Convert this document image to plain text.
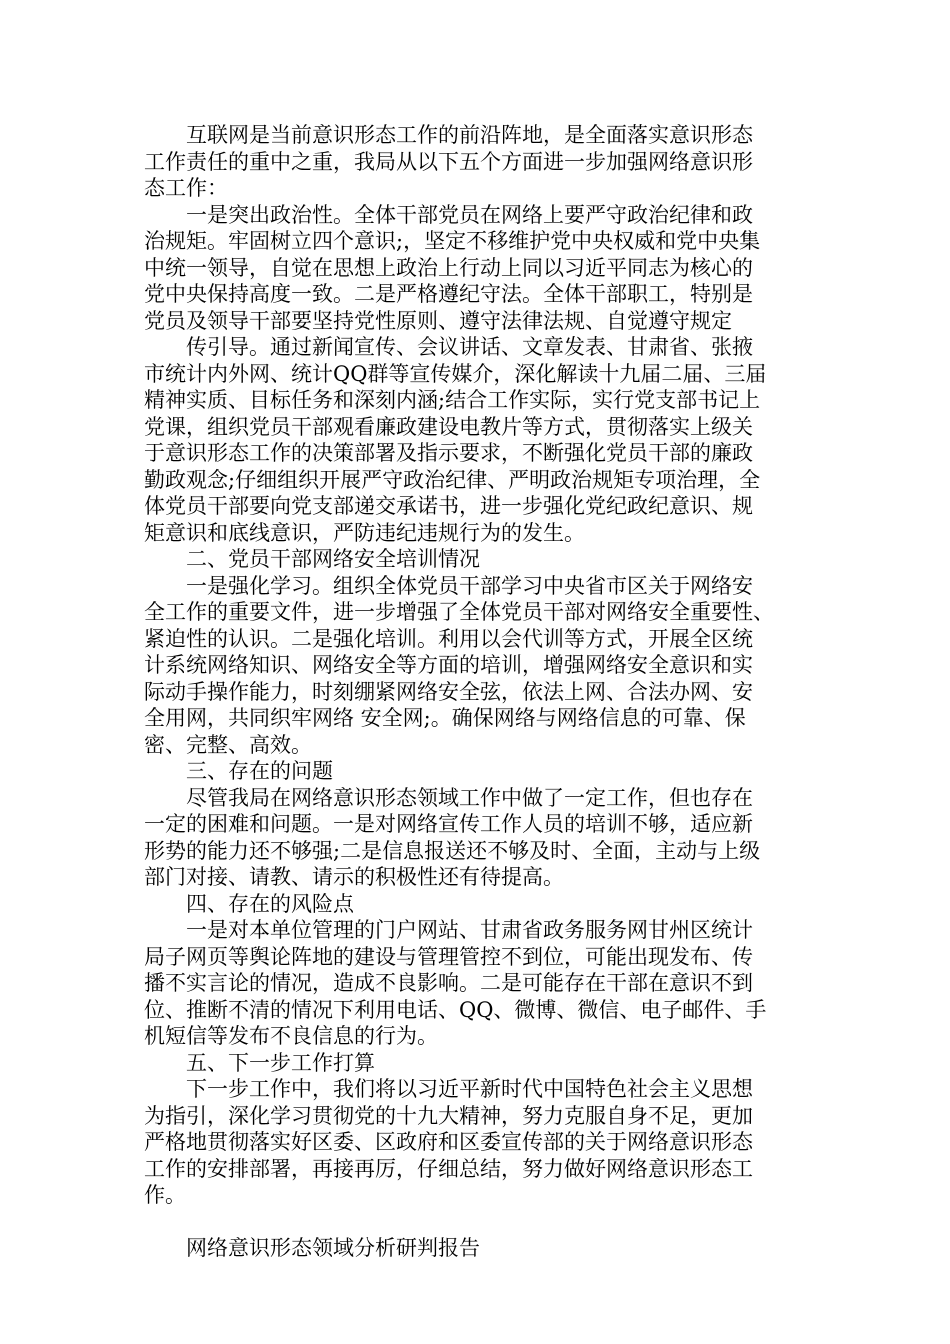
互联网是当前意识形态工作的前沿阵地，是全面落实意识形态
工作责任的重中之重，我局从以下五个方面进一步加强网络意识形
态工作：

一是突出政治性。全体干部党员在网络上要严守政治纪律和政
治规矩。牢固树立四个意识;，坚定不移维护党中央权威和党中央集
中统一领导，自觉在思想上政治上行动上同以习近平同志为核心的
党中央保持高度一致。二是严格遵纪守法。全体干部职工，特别是
党员及领导干部要坚持党性原则、遵守法律法规、自觉遵守规定

传引导。通过新闻宣传、会议讲话、文章发表、甘肃省、张掖
市统计内外网、统计QQ群等宣传媒介，深化解读十九届二届、三届
精神实质、目标任务和深刻内涵;结合工作实际，实行党支部书记上
党课，组织党员干部观看廉政建设电教片等方式，贯彻落实上级关
于意识形态工作的决策部署及指示要求，不断强化党员干部的廉政
勤政观念;仔细组织开展严守政治纪律、严明政治规矩专项治理，全
体党员干部要向党支部递交承诺书，进一步强化党纪政纪意识、规
矩意识和底线意识，严防违纪违规行为的发生。

二、党员干部网络安全培训情况

一是强化学习。组织全体党员干部学习中央省市区关于网络安
全工作的重要文件，进一步增强了全体党员干部对网络安全重要性、
紧迫性的认识。二是强化培训。利用以会代训等方式，开展全区统
计系统网络知识、网络安全等方面的培训，增强网络安全意识和实
际动手操作能力，时刻绷紧网络安全弦，依法上网、合法办网、安
全用网，共同织牢网络 安全网;。确保网络与网络信息的可靠、保
密、完整、高效。

三、存在的问题

尽管我局在网络意识形态领域工作中做了一定工作，但也存在
一定的困难和问题。一是对网络宣传工作人员的培训不够，适应新
形势的能力还不够强;二是信息报送还不够及时、全面，主动与上级
部门对接、请教、请示的积极性还有待提高。

四、存在的风险点

一是对本单位管理的门户网站、甘肃省政务服务网甘州区统计
局子网页等舆论阵地的建设与管理管控不到位，可能出现发布、传
播不实言论的情况，造成不良影响。二是可能存在干部在意识不到
位、推断不清的情况下利用电话、QQ、微博、微信、电子邮件、手
机短信等发布不良信息的行为。

五、下一步工作打算

下一步工作中，我们将以习近平新时代中国特色社会主义思想
为指引，深化学习贯彻党的十九大精神，努力克服自身不足，更加
严格地贯彻落实好区委、区政府和区委宣传部的关于网络意识形态
工作的安排部署，再接再厉，仔细总结，努力做好网络意识形态工
作。

网络意识形态领域分析研判报告
